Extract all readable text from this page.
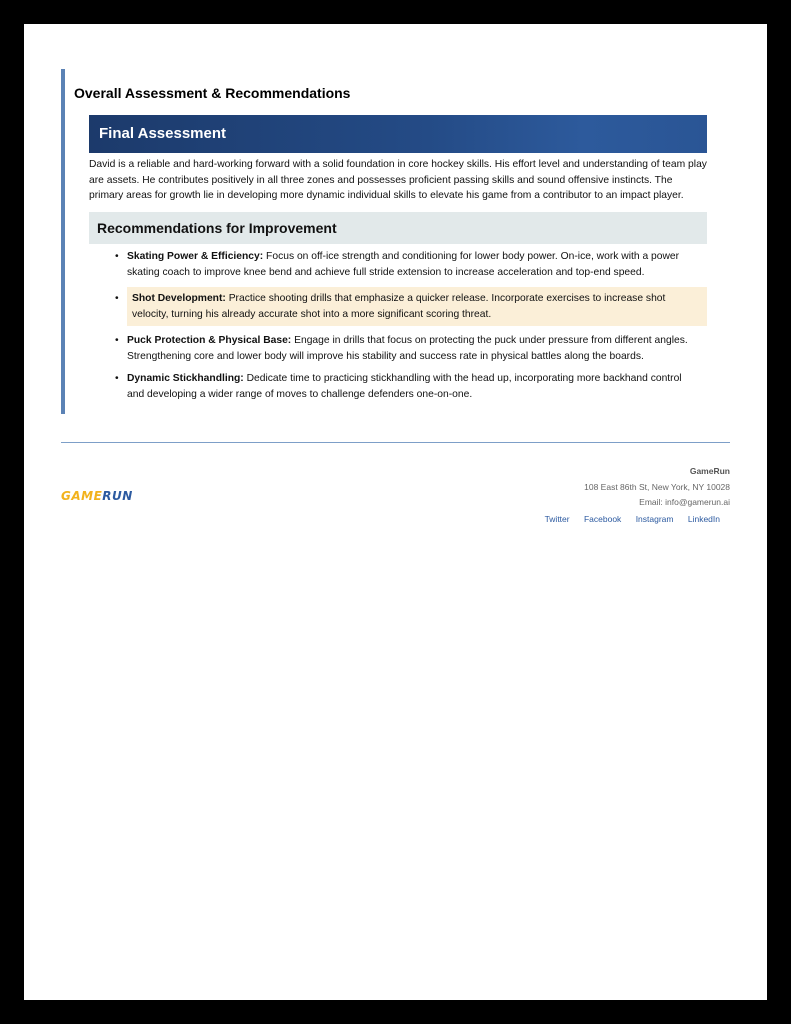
Overall Assessment & Recommendations
Final Assessment

David is a reliable and hard-working forward with a solid foundation in core hockey skills. His effort level and understanding of team play are assets. He contributes positively in all three zones and possesses proficient passing skills and sound offensive instincts. The primary areas for growth lie in developing more dynamic individual skills to elevate his game from a contributor to an impact player.

Recommendations for Improvement
• Skating Power & Efficiency: Focus on off-ice strength and conditioning for lower body power. On-ice, work with a power skating coach to improve knee bend and achieve full stride extension to increase acceleration and top-end speed.
• Shot Development: Practice shooting drills that emphasize a quicker release. Incorporate exercises to increase shot velocity, turning his already accurate shot into a more significant scoring threat.
• Puck Protection & Physical Base: Engage in drills that focus on protecting the puck under pressure from different angles. Strengthening core and lower body will improve his stability and success rate in physical battles along the boards.
• Dynamic Stickhandling: Dedicate time to practicing stickhandling with the head up, incorporating more backhand control and developing a wider range of moves to challenge defenders one-on-one.
GAMERUN
GameRun
108 East 86th St, New York, NY 10028
Email: info@gamerun.ai
Twitter Facebook Instagram LinkedIn
